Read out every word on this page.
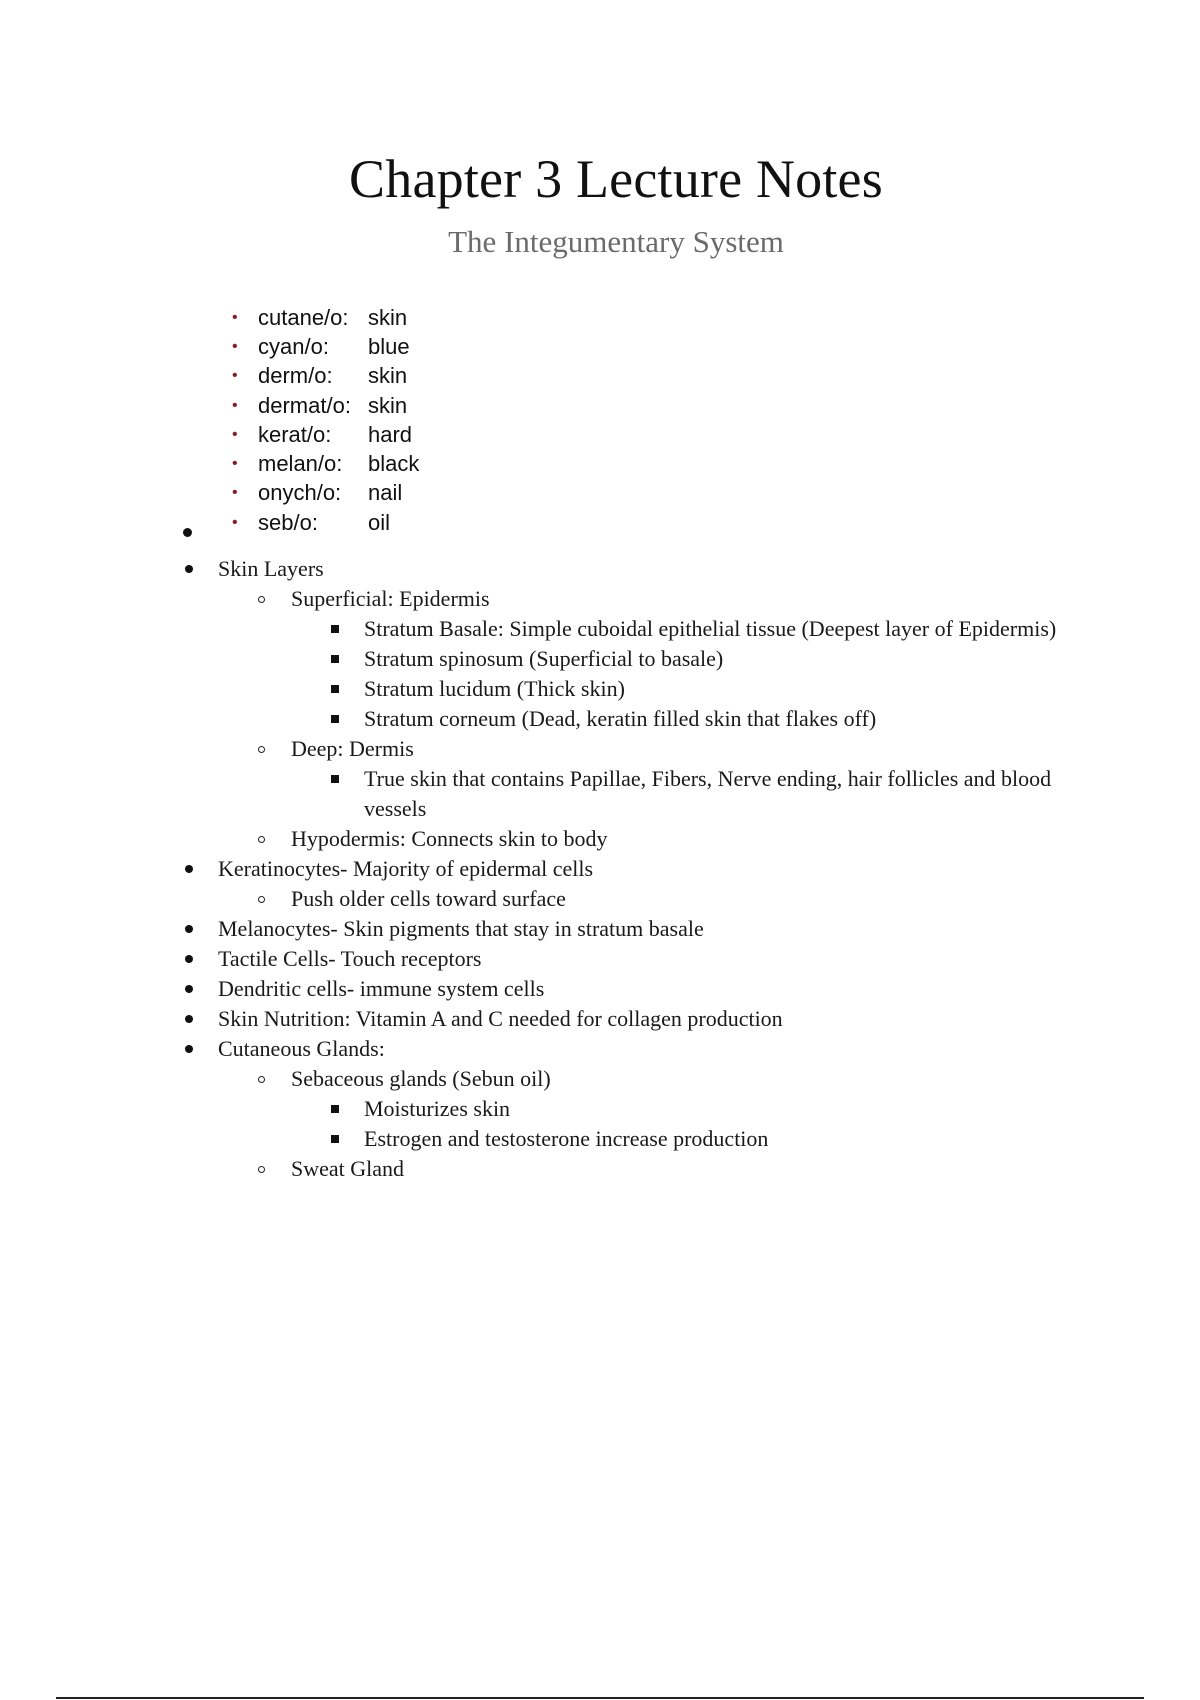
Chapter 3 Lecture Notes
The Integumentary System
• cutane/o: skin
• cyan/o:	blue
• derm/o:	skin
• dermat/o: skin
• kerat/o:	hard
• melan/o:	black
• onych/o:	nail
• seb/o:	oil
Skin Layers
Superficial: Epidermis
Stratum Basale: Simple cuboidal epithelial tissue (Deepest layer of Epidermis)
Stratum spinosum (Superficial to basale)
Stratum lucidum (Thick skin)
Stratum corneum (Dead, keratin filled skin that flakes off)
Deep: Dermis
True skin that contains Papillae, Fibers, Nerve ending, hair follicles and blood vessels
Hypodermis: Connects skin to body
Keratinocytes- Majority of epidermal cells
Push older cells toward surface
Melanocytes- Skin pigments that stay in stratum basale
Tactile Cells- Touch receptors
Dendritic cells- immune system cells
Skin Nutrition: Vitamin A and C needed for collagen production
Cutaneous Glands:
Sebaceous glands (Sebun oil)
Moisturizes skin
Estrogen and testosterone increase production
Sweat Gland
